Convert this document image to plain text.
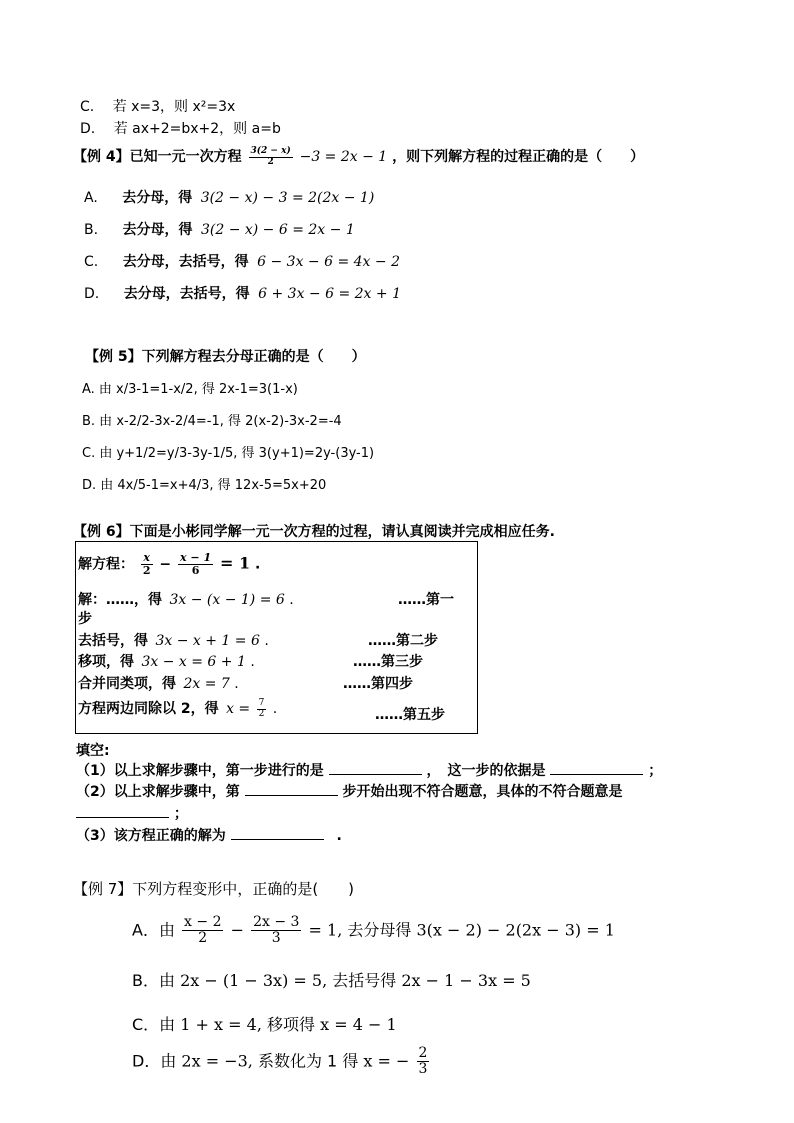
C. 若 x=3，则 x²=3x
D. 若 ax+2=bx+2，则 a=b
【例 4】已知一元一次方程 $\frac{3(2 - x)}{2} -3 = 2x - 1$ ，则下列解方程的过程正确的是（　　）
A. 去分母，得 3(2 − x) − 3 = 2(2x − 1)
B. 去分母，得 3(2 − x) − 6 = 2x − 1
C. 去分母，去括号，得 6 − 3x − 6 = 4x − 2
D. 去分母，去括号，得 6 + 3x − 6 = 2x + 1
【例 5】下列解方程去分母正确的是（　　）
A. 由 x/3-1=1-x/2, 得 2x-1=3(1-x)
B. 由 x-2/2-3x-2/4=-1, 得 2(x-2)-3x-2=-4
C. 由 y+1/2=y/3-3y-1/5, 得 3(y+1)=2y-(3y-1)
D. 由 4x/5-1=x+4/3, 得 12x-5=5x+20
【例 6】下面是小彬同学解一元一次方程的过程，请认真阅读并完成相应任务.
解方程： $\frac{x}{2} - \frac{x - 1}{6} = 1$ .
解：……，得 3x − (x − 1) = 6 .	……第一
步
去括号，得 3x − x + 1 = 6 .	……第二步
移项，得 3x − x = 6 + 1 .	……第三步
合并同类项，得 2x = 7 .	……第四步
方程两边同除以 2，得 $x = \frac{7}{2}$ .	……第五步
填空:
（1）以上求解步骤中，第一步进行的是	，　这一步的依据是	；
（2）以上求解步骤中，第	步开始出现不符合题意，具体的不符合题意是
；
（3）该方程正确的解为	.
【例 7】下列方程变形中，正确的是(　　)
A．由 $\frac{x - 2}{2} - \frac{2x - 3}{3} = 1$, 去分母得 3(x − 2) − 2(2x − 3) = 1
B．由 2x − (1 − 3x) = 5, 去括号得 2x − 1 − 3x = 5
C．由 1 + x = 4, 移项得 x = 4 − 1
D．由 2x = −3, 系数化为 1 得 x = − $\frac{2}{3}$
